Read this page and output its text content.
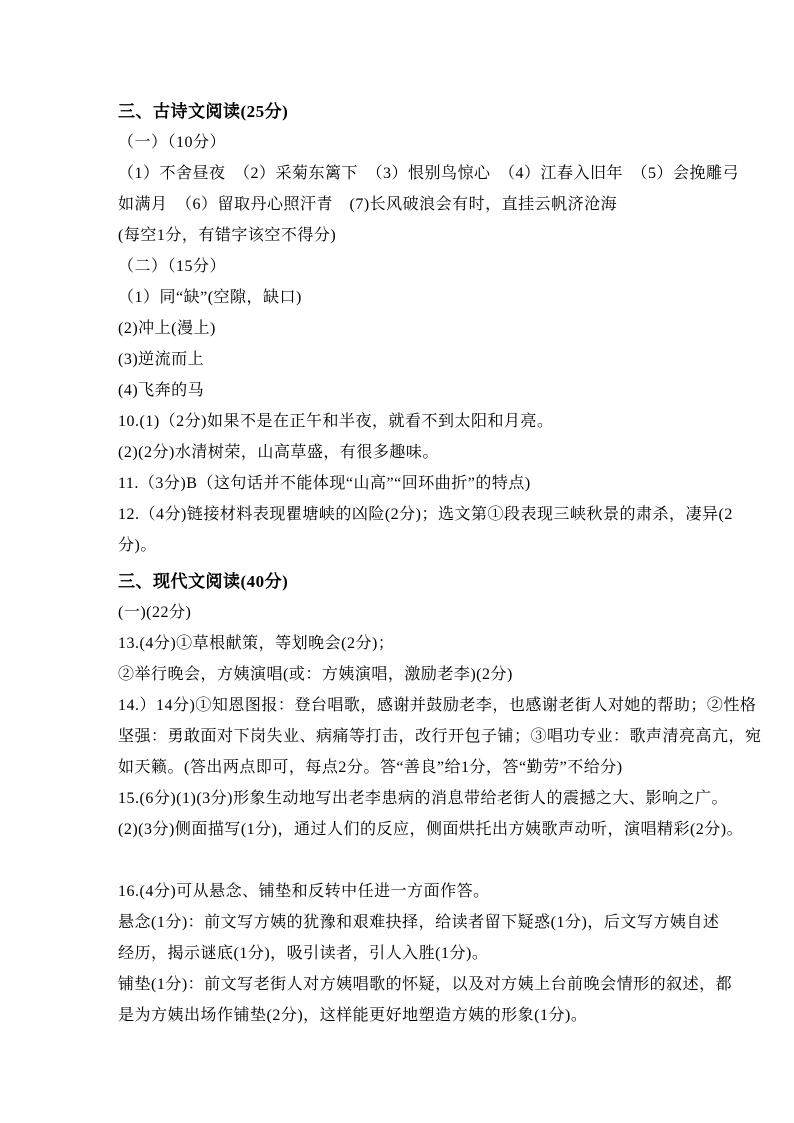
三、古诗文阅读(25分)
（一）（10分）
（1）不舍昼夜　（2）采菊东篱下　（3）恨别鸟惊心　（4）江春入旧年　（5）会挽雕弓
如满月　（6）留取丹心照汗青　(7)长风破浪会有时，直挂云帆济沧海
(每空1分，有错字该空不得分)
（二）（15分）
（1）同“缺”(空隙，缺口)
(2)冲上(漫上)
(3)逆流而上
(4)飞奔的马
10.(1)（2分)如果不是在正午和半夜，就看不到太阳和月亮。
(2)(2分)水清树荣，山高草盛，有很多趣味。
11.（3分)B（这句话并不能体现“山高”“回环曲折”的特点)
12.（4分)链接材料表现瞿塘峡的凶险(2分)；选文第①段表现三峡秋景的肃杀，凄异(2
分)。
三、现代文阅读(40分)
(一)(22分)
13.(4分)①草根献策，等划晚会(2分)；
②举行晚会，方姨演唱(或：方姨演唱，激励老李)(2分)
14.）14分)①知恩图报：登台唱歌，感谢并鼓励老李，也感谢老街人对她的帮助；②性格
坚强：勇敢面对下岗失业、病痛等打击，改行开包子铺；③唱功专业：歌声清亮高亢，宛
如天籁。(答出两点即可，每点2分。答“善良”给1分，答“勤劳”不给分)
15.(6分)(1)(3分)形象生动地写出老李患病的消息带给老街人的震撼之大、影响之广。
(2)(3分)侧面描写(1分)，通过人们的反应，侧面烘托出方姨歌声动听，演唱精彩(2分)。
16.(4分)可从悬念、铺垫和反转中任进一方面作答。
悬念(1分)：前文写方姨的犹豫和艰难抉择，给读者留下疑惑(1分)，后文写方姨自述
经历，揭示谜底(1分)，吸引读者，引人入胜(1分)。
铺垫(1分)：前文写老街人对方姨唱歌的怀疑，以及对方姨上台前晚会情形的叙述，都
是为方姨出场作铺垫(2分)，这样能更好地塑造方姨的形象(1分)。
